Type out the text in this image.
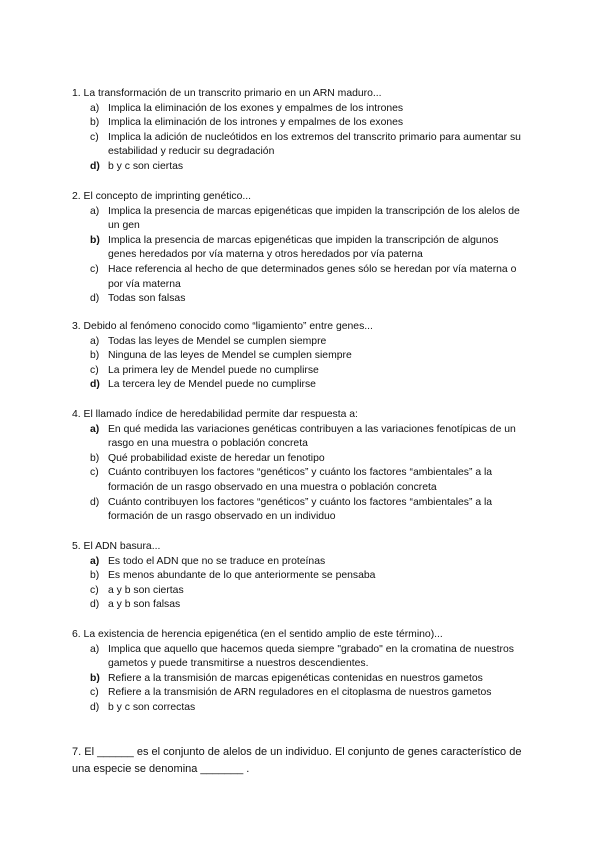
1. La transformación de un transcrito primario en un ARN maduro...
a) Implica la eliminación de los exones y empalmes de los intrones
b) Implica la eliminación de los intrones y empalmes de los exones
c) Implica la adición de nucleótidos en los extremos del transcrito primario para aumentar su estabilidad y reducir su degradación
d) b y c son ciertas
2. El concepto de imprinting genético...
a) Implica la presencia de marcas epigenéticas que impiden la transcripción de los alelos de un gen
b) Implica la presencia de marcas epigenéticas que impiden la transcripción de algunos genes heredados por vía materna y otros heredados por vía paterna
c) Hace referencia al hecho de que determinados genes sólo se heredan por vía materna o por vía materna
d) Todas son falsas
3. Debido al fenómeno conocido como “ligamiento” entre genes...
a) Todas las leyes de Mendel se cumplen siempre
b) Ninguna de las leyes de Mendel se cumplen siempre
c) La primera ley de Mendel puede no cumplirse
d) La tercera ley de Mendel puede no cumplirse
4. El llamado índice de heredabilidad permite dar respuesta a:
a) En qué medida las variaciones genéticas contribuyen a las variaciones fenotípicas de un rasgo en una muestra o población concreta
b) Qué probabilidad existe de heredar un fenotipo
c) Cuánto contribuyen los factores “genéticos” y cuánto los factores “ambientales” a la formación de un rasgo observado en una muestra o población concreta
d) Cuánto contribuyen los factores “genéticos” y cuánto los factores “ambientales” a la formación de un rasgo observado en un individuo
5. El ADN basura...
a) Es todo el ADN que no se traduce en proteínas
b) Es menos abundante de lo que anteriormente se pensaba
c) a y b son ciertas
d) a y b son falsas
6. La existencia de herencia epigenética (en el sentido amplio de este término)...
a) Implica que aquello que hacemos queda siempre "grabado" en la cromatina de nuestros gametos y puede transmitirse a nuestros descendientes.
b) Refiere a la transmisión de marcas epigenéticas contenidas en nuestros gametos
c) Refiere a la transmisión de ARN reguladores en el citoplasma de nuestros gametos
d) b y c son correctas
7. El ______ es el conjunto de alelos de un individuo. El conjunto de genes característico de una especie se denomina _______ .
